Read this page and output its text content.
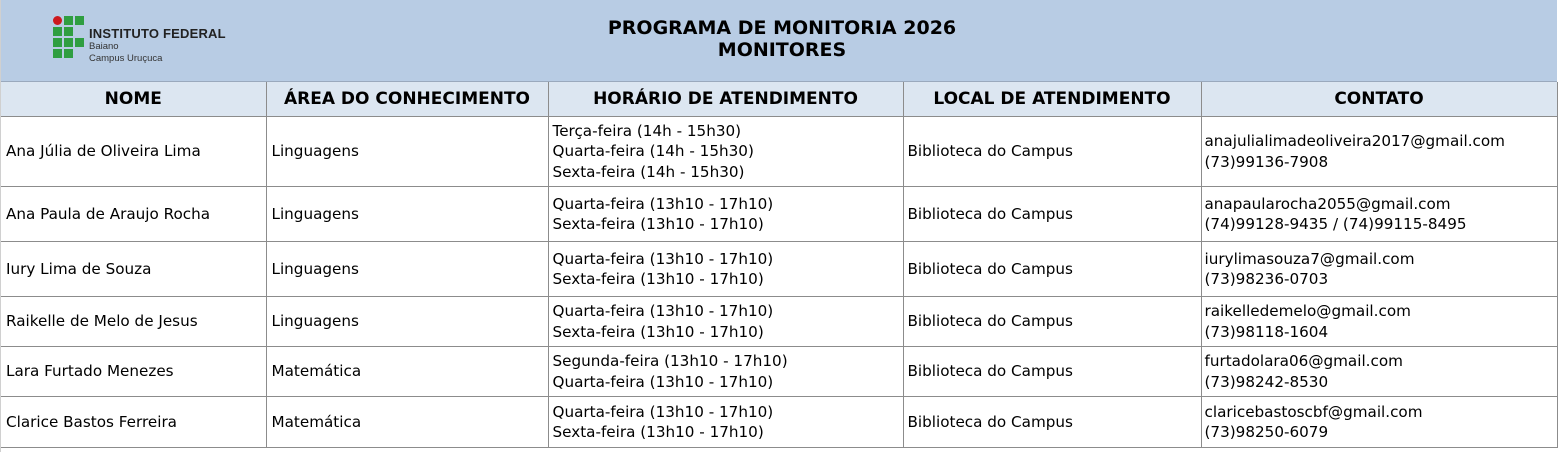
INSTITUTO FEDERAL
Baiano
Campus Uruçuca
PROGRAMA DE MONITORIA 2026
MONITORES
NOME	ÁREA DO CONHECIMENTO	HORÁRIO DE ATENDIMENTO	LOCAL DE ATENDIMENTO	CONTATO
Ana Júlia de Oliveira Lima	Linguagens	Terça-feira (14h - 15h30)
Quarta-feira (14h - 15h30)
Sexta-feira (14h - 15h30)	Biblioteca do Campus	anajulialimadeoliveira2017@gmail.com
(73)99136-7908

Ana Paula de Araujo Rocha	Linguagens	Quarta-feira (13h10 - 17h10)
Sexta-feira (13h10 - 17h10)	Biblioteca do Campus	anapaularocha2055@gmail.com
(74)99128-9435 / (74)99115-8495

Iury Lima de Souza	Linguagens	Quarta-feira (13h10 - 17h10)
Sexta-feira (13h10 - 17h10)	Biblioteca do Campus	iurylimasouza7@gmail.com
(73)98236-0703

Raikelle de Melo de Jesus	Linguagens	Quarta-feira (13h10 - 17h10)
Sexta-feira (13h10 - 17h10)	Biblioteca do Campus	raikelledemelo@gmail.com
(73)98118-1604

Lara Furtado Menezes	Matemática	Segunda-feira (13h10 - 17h10)
Quarta-feira (13h10 - 17h10)	Biblioteca do Campus	furtadolara06@gmail.com
(73)98242-8530

Clarice Bastos Ferreira	Matemática	Quarta-feira (13h10 - 17h10)
Sexta-feira (13h10 - 17h10)	Biblioteca do Campus	claricebastoscbf@gmail.com
(73)98250-6079
